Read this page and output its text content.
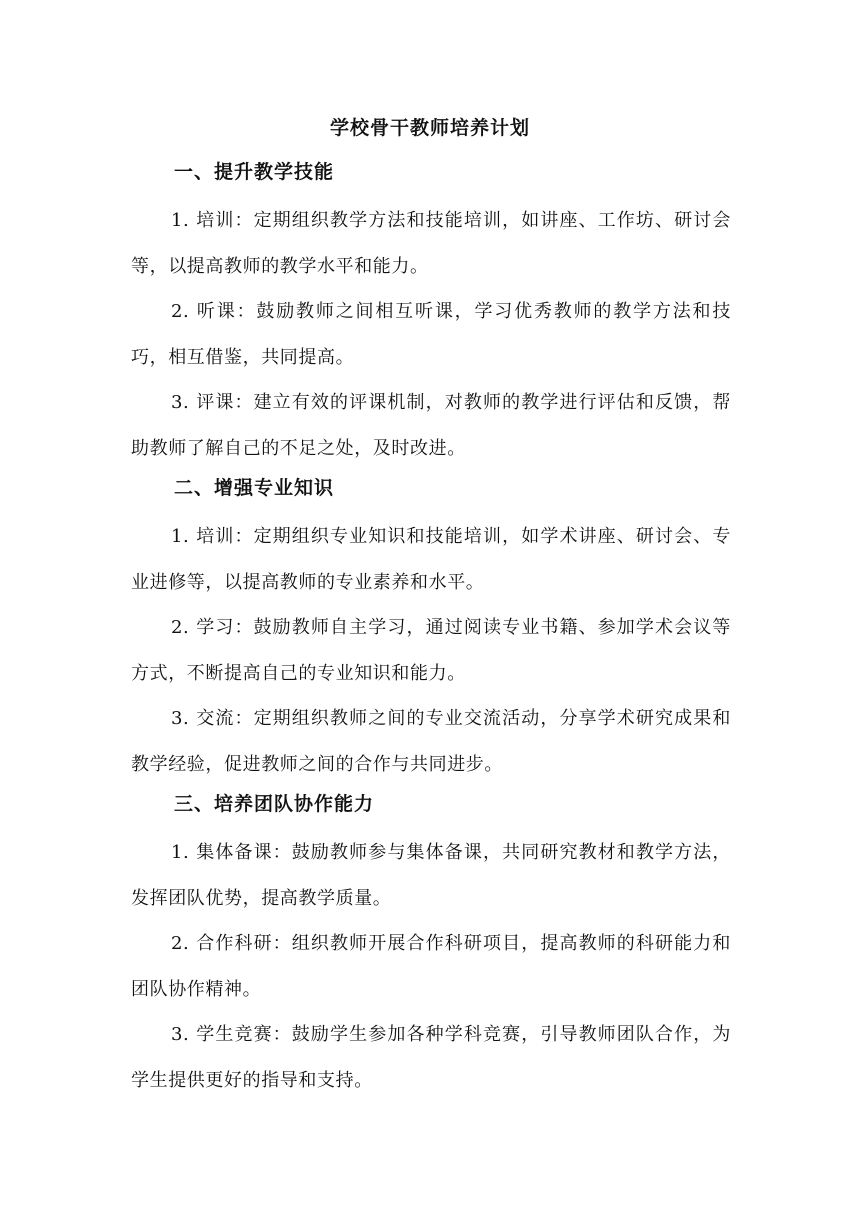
学校骨干教师培养计划
一、提升教学技能
1. 培训：定期组织教学方法和技能培训，如讲座、工作坊、研讨会等，以提高教师的教学水平和能力。
2. 听课：鼓励教师之间相互听课，学习优秀教师的教学方法和技巧，相互借鉴，共同提高。
3. 评课：建立有效的评课机制，对教师的教学进行评估和反馈，帮助教师了解自己的不足之处，及时改进。
二、增强专业知识
1. 培训：定期组织专业知识和技能培训，如学术讲座、研讨会、专业进修等，以提高教师的专业素养和水平。
2. 学习：鼓励教师自主学习，通过阅读专业书籍、参加学术会议等方式，不断提高自己的专业知识和能力。
3. 交流：定期组织教师之间的专业交流活动，分享学术研究成果和教学经验，促进教师之间的合作与共同进步。
三、培养团队协作能力
1. 集体备课：鼓励教师参与集体备课，共同研究教材和教学方法，发挥团队优势，提高教学质量。
2. 合作科研：组织教师开展合作科研项目，提高教师的科研能力和团队协作精神。
3. 学生竞赛：鼓励学生参加各种学科竞赛，引导教师团队合作，为学生提供更好的指导和支持。
